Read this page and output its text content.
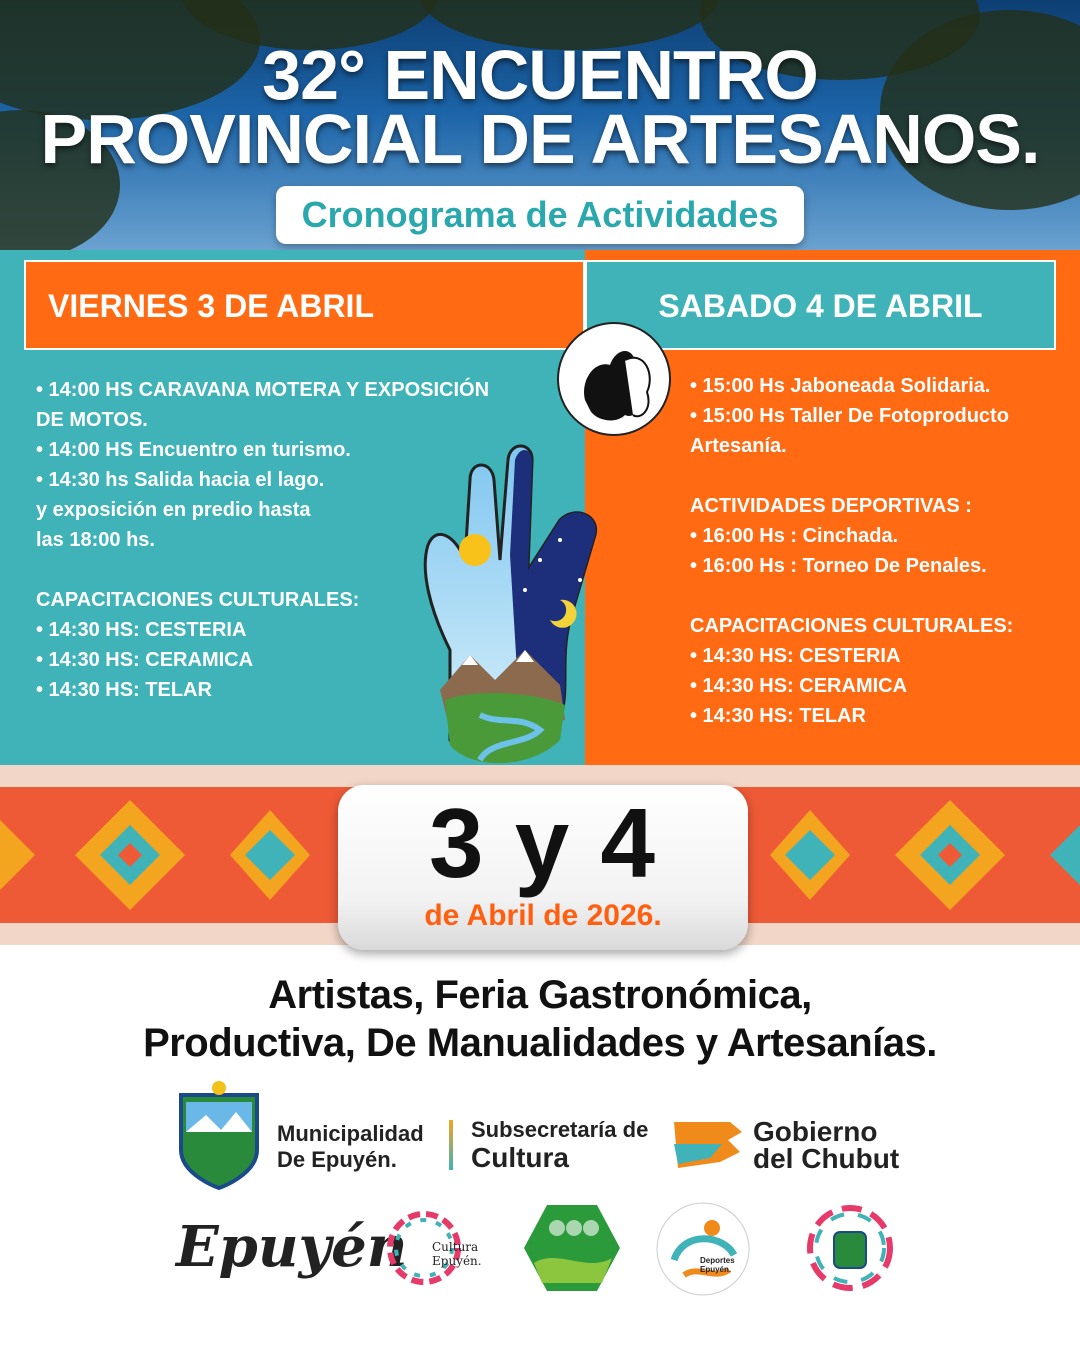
32° ENCUENTRO
PROVINCIAL DE ARTESANOS.
Cronograma de Actividades
VIERNES 3 DE ABRIL	SABADO 4 DE ABRIL
• 14:00 HS CARAVANA MOTERA Y EXPOSICIÓN
DE MOTOS.
• 14:00 HS Encuentro en turismo.
• 14:30 hs Salida hacia el lago.
y exposición en predio hasta
las 18:00 hs.
CAPACITACIONES CULTURALES:
• 14:30 HS: CESTERIA
• 14:30 HS: CERAMICA
• 14:30 HS: TELAR
• 15:00 Hs Jaboneada Solidaria.
• 15:00 Hs Taller De Fotoproducto
Artesanía.
ACTIVIDADES DEPORTIVAS :
• 16:00 Hs : Cinchada.
• 16:00 Hs : Torneo De Penales.
CAPACITACIONES CULTURALES:
• 14:30 HS: CESTERIA
• 14:30 HS: CERAMICA
• 14:30 HS: TELAR
3 y 4
de Abril de 2026.
Artistas, Feria Gastronómica,
Productiva, De Manualidades y Artesanías.
Municipalidad
De Epuyén.
Subsecretaría de
Cultura
Gobierno
del Chubut
Epuyén Cultura
Epuyén.	Deportes
Epuyén.
